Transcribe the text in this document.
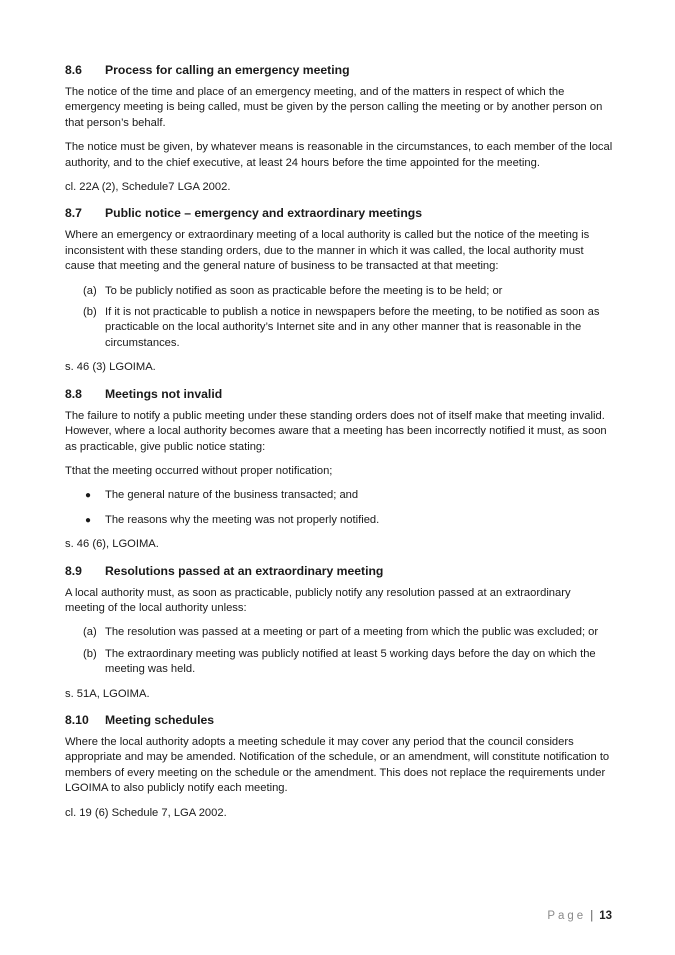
8.6	Process for calling an emergency meeting

The notice of the time and place of an emergency meeting, and of the matters in respect of which the emergency meeting is being called, must be given by the person calling the meeting or by another person on that person’s behalf.

The notice must be given, by whatever means is reasonable in the circumstances, to each member of the local authority, and to the chief executive, at least 24 hours before the time appointed for the meeting.

cl. 22A (2), Schedule7 LGA 2002.

8.7	Public notice – emergency and extraordinary meetings

Where an emergency or extraordinary meeting of a local authority is called but the notice of the meeting is inconsistent with these standing orders, due to the manner in which it was called, the local authority must cause that meeting and the general nature of business to be transacted at that meeting:

(a) To be publicly notified as soon as practicable before the meeting is to be held; or
(b) If it is not practicable to publish a notice in newspapers before the meeting, to be notified as soon as practicable on the local authority’s Internet site and in any other manner that is reasonable in the circumstances.

s. 46 (3) LGOIMA.

8.8	Meetings not invalid

The failure to notify a public meeting under these standing orders does not of itself make that meeting invalid. However, where a local authority becomes aware that a meeting has been incorrectly notified it must, as soon as practicable, give public notice stating:

Tthat the meeting occurred without proper notification;

●	The general nature of the business transacted; and
●	The reasons why the meeting was not properly notified.

s. 46 (6), LGOIMA.

8.9	Resolutions passed at an extraordinary meeting

A local authority must, as soon as practicable, publicly notify any resolution passed at an extraordinary meeting of the local authority unless:

(a) The resolution was passed at a meeting or part of a meeting from which the public was excluded; or
(b) The extraordinary meeting was publicly notified at least 5 working days before the day on which the meeting was held.

s. 51A, LGOIMA.

8.10	Meeting schedules

Where the local authority adopts a meeting schedule it may cover any period that the council considers appropriate and may be amended. Notification of the schedule, or an amendment, will constitute notification to members of every meeting on the schedule or the amendment. This does not replace the requirements under LGOIMA to also publicly notify each meeting.

cl. 19 (6) Schedule 7, LGA 2002.

Page | 13
